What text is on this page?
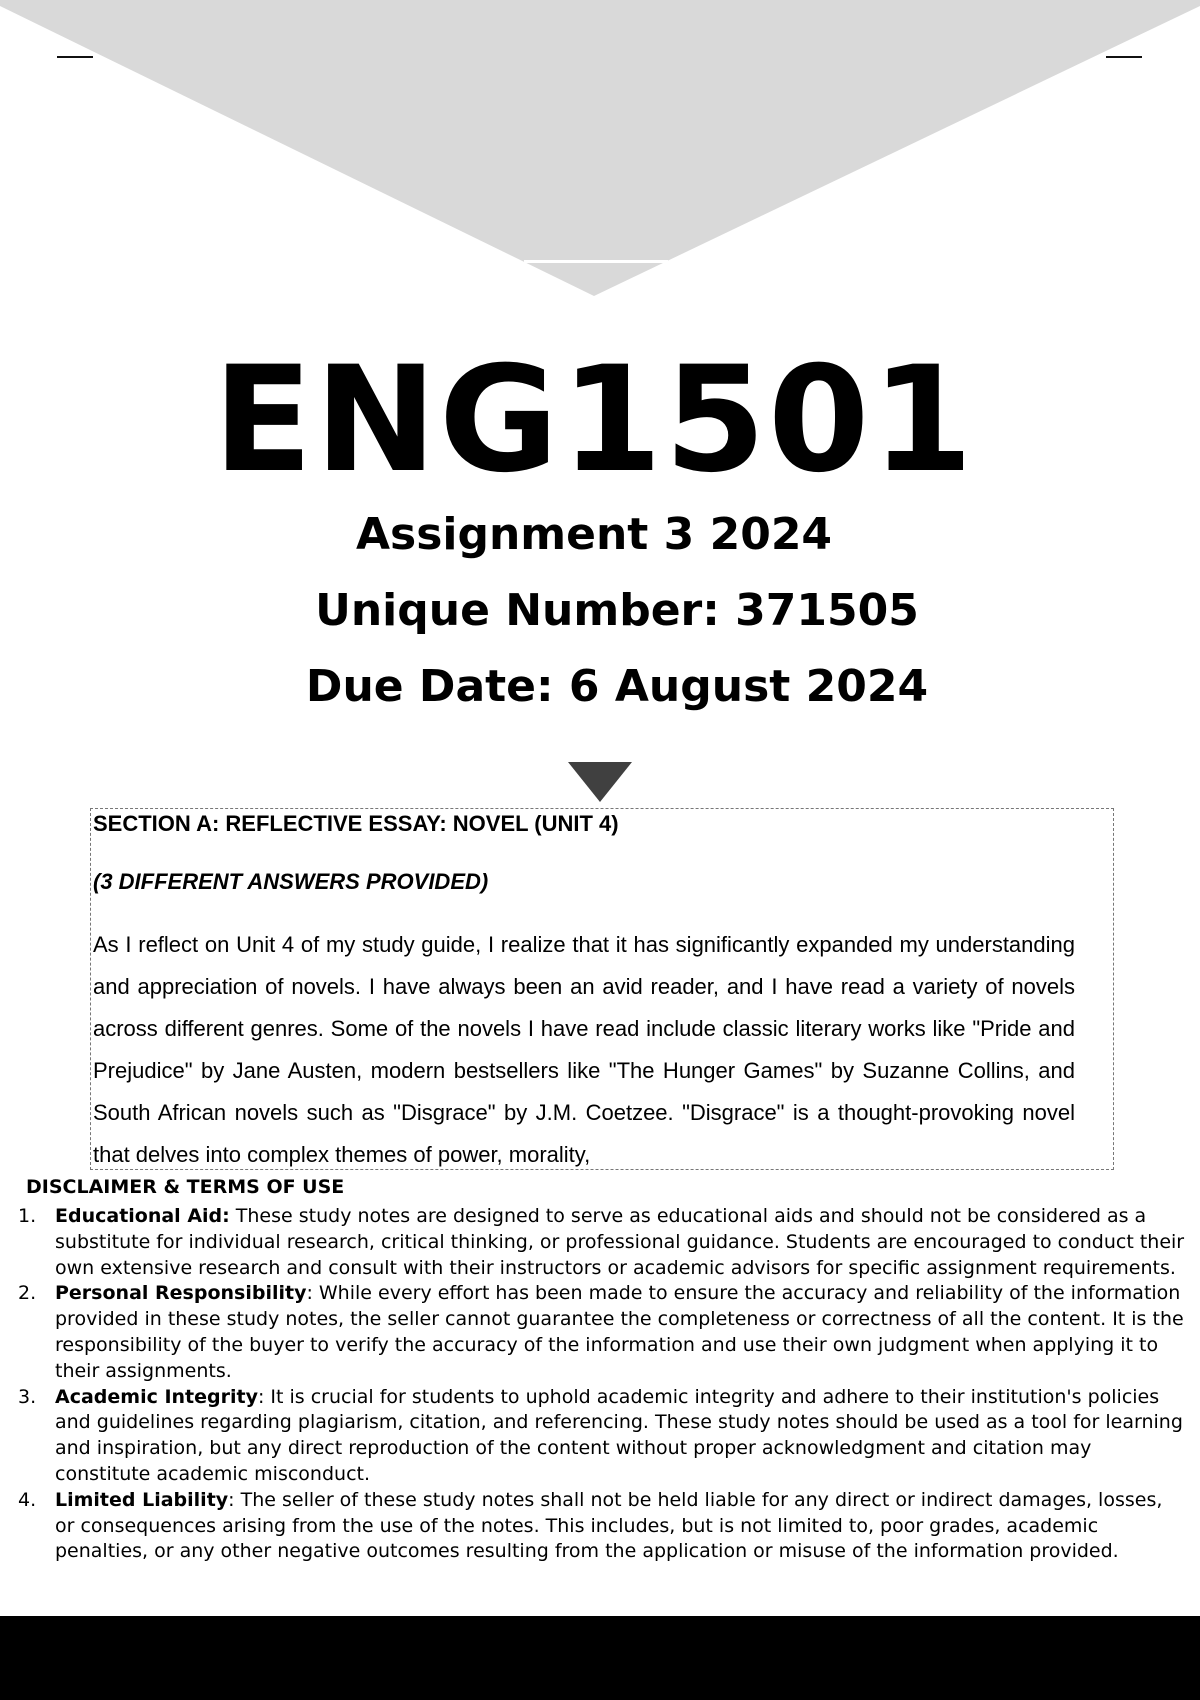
ENG1501
Assignment 3 2024
Unique Number: 371505
Due Date: 6 August 2024

SECTION A: REFLECTIVE ESSAY: NOVEL (UNIT 4)

(3 DIFFERENT ANSWERS PROVIDED)

As I reflect on Unit 4 of my study guide, I realize that it has significantly expanded my understanding and appreciation of novels. I have always been an avid reader, and I have read a variety of novels across different genres. Some of the novels I have read include classic literary works like "Pride and Prejudice" by Jane Austen, modern bestsellers like "The Hunger Games" by Suzanne Collins, and South African novels such as "Disgrace" by J.M. Coetzee. "Disgrace" is a thought-provoking novel that delves into complex themes of power, morality,

DISCLAIMER & TERMS OF USE
1. Educational Aid: These study notes are designed to serve as educational aids and should not be considered as a substitute for individual research, critical thinking, or professional guidance. Students are encouraged to conduct their own extensive research and consult with their instructors or academic advisors for specific assignment requirements.
2. Personal Responsibility: While every effort has been made to ensure the accuracy and reliability of the information provided in these study notes, the seller cannot guarantee the completeness or correctness of all the content. It is the responsibility of the buyer to verify the accuracy of the information and use their own judgment when applying it to their assignments.
3. Academic Integrity: It is crucial for students to uphold academic integrity and adhere to their institution's policies and guidelines regarding plagiarism, citation, and referencing. These study notes should be used as a tool for learning and inspiration, but any direct reproduction of the content without proper acknowledgment and citation may constitute academic misconduct.
4. Limited Liability: The seller of these study notes shall not be held liable for any direct or indirect damages, losses, or consequences arising from the use of the notes. This includes, but is not limited to, poor grades, academic penalties, or any other negative outcomes resulting from the application or misuse of the information provided.
